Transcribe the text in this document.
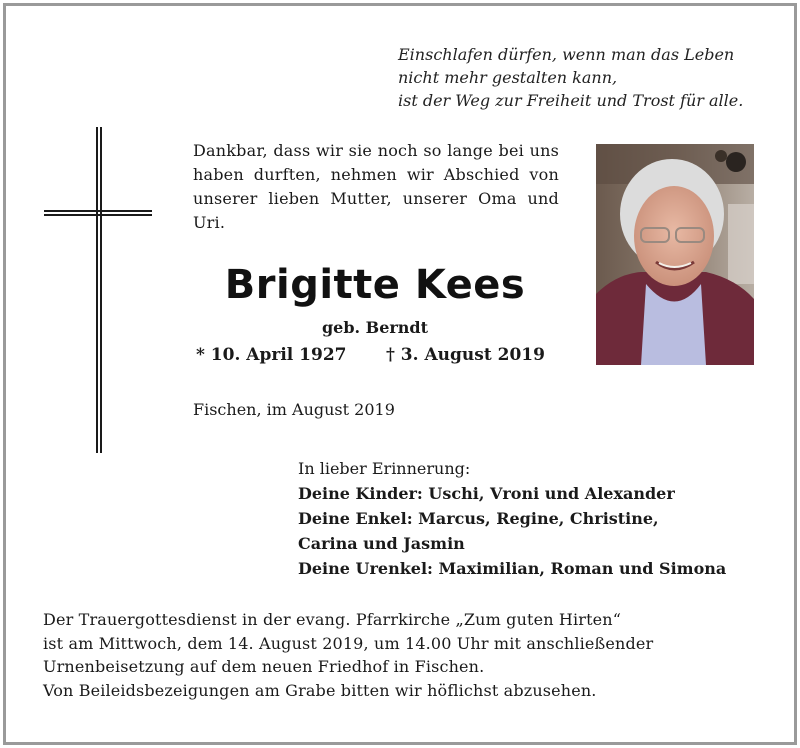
Einschlafen dürfen, wenn man das Leben
nicht mehr gestalten kann,
ist der Weg zur Freiheit und Trost für alle.
Dankbar, dass wir sie noch so lange bei uns haben durften, nehmen wir Abschied von unserer lieben Mutter, unserer Oma und Uri.
Brigitte Kees
geb. Berndt
* 10. April 1927 † 3. August 2019
Fischen, im August 2019
In lieber Erinnerung:
Deine Kinder: Uschi, Vroni und Alexander
Deine Enkel: Marcus, Regine, Christine,
Carina und Jasmin
Deine Urenkel: Maximilian, Roman und Simona
Der Trauergottesdienst in der evang. Pfarrkirche „Zum guten Hirten“
ist am Mittwoch, dem 14. August 2019, um 14.00 Uhr mit anschließender
Urnenbeisetzung auf dem neuen Friedhof in Fischen.
Von Beileidsbezeigungen am Grabe bitten wir höflichst abzusehen.
